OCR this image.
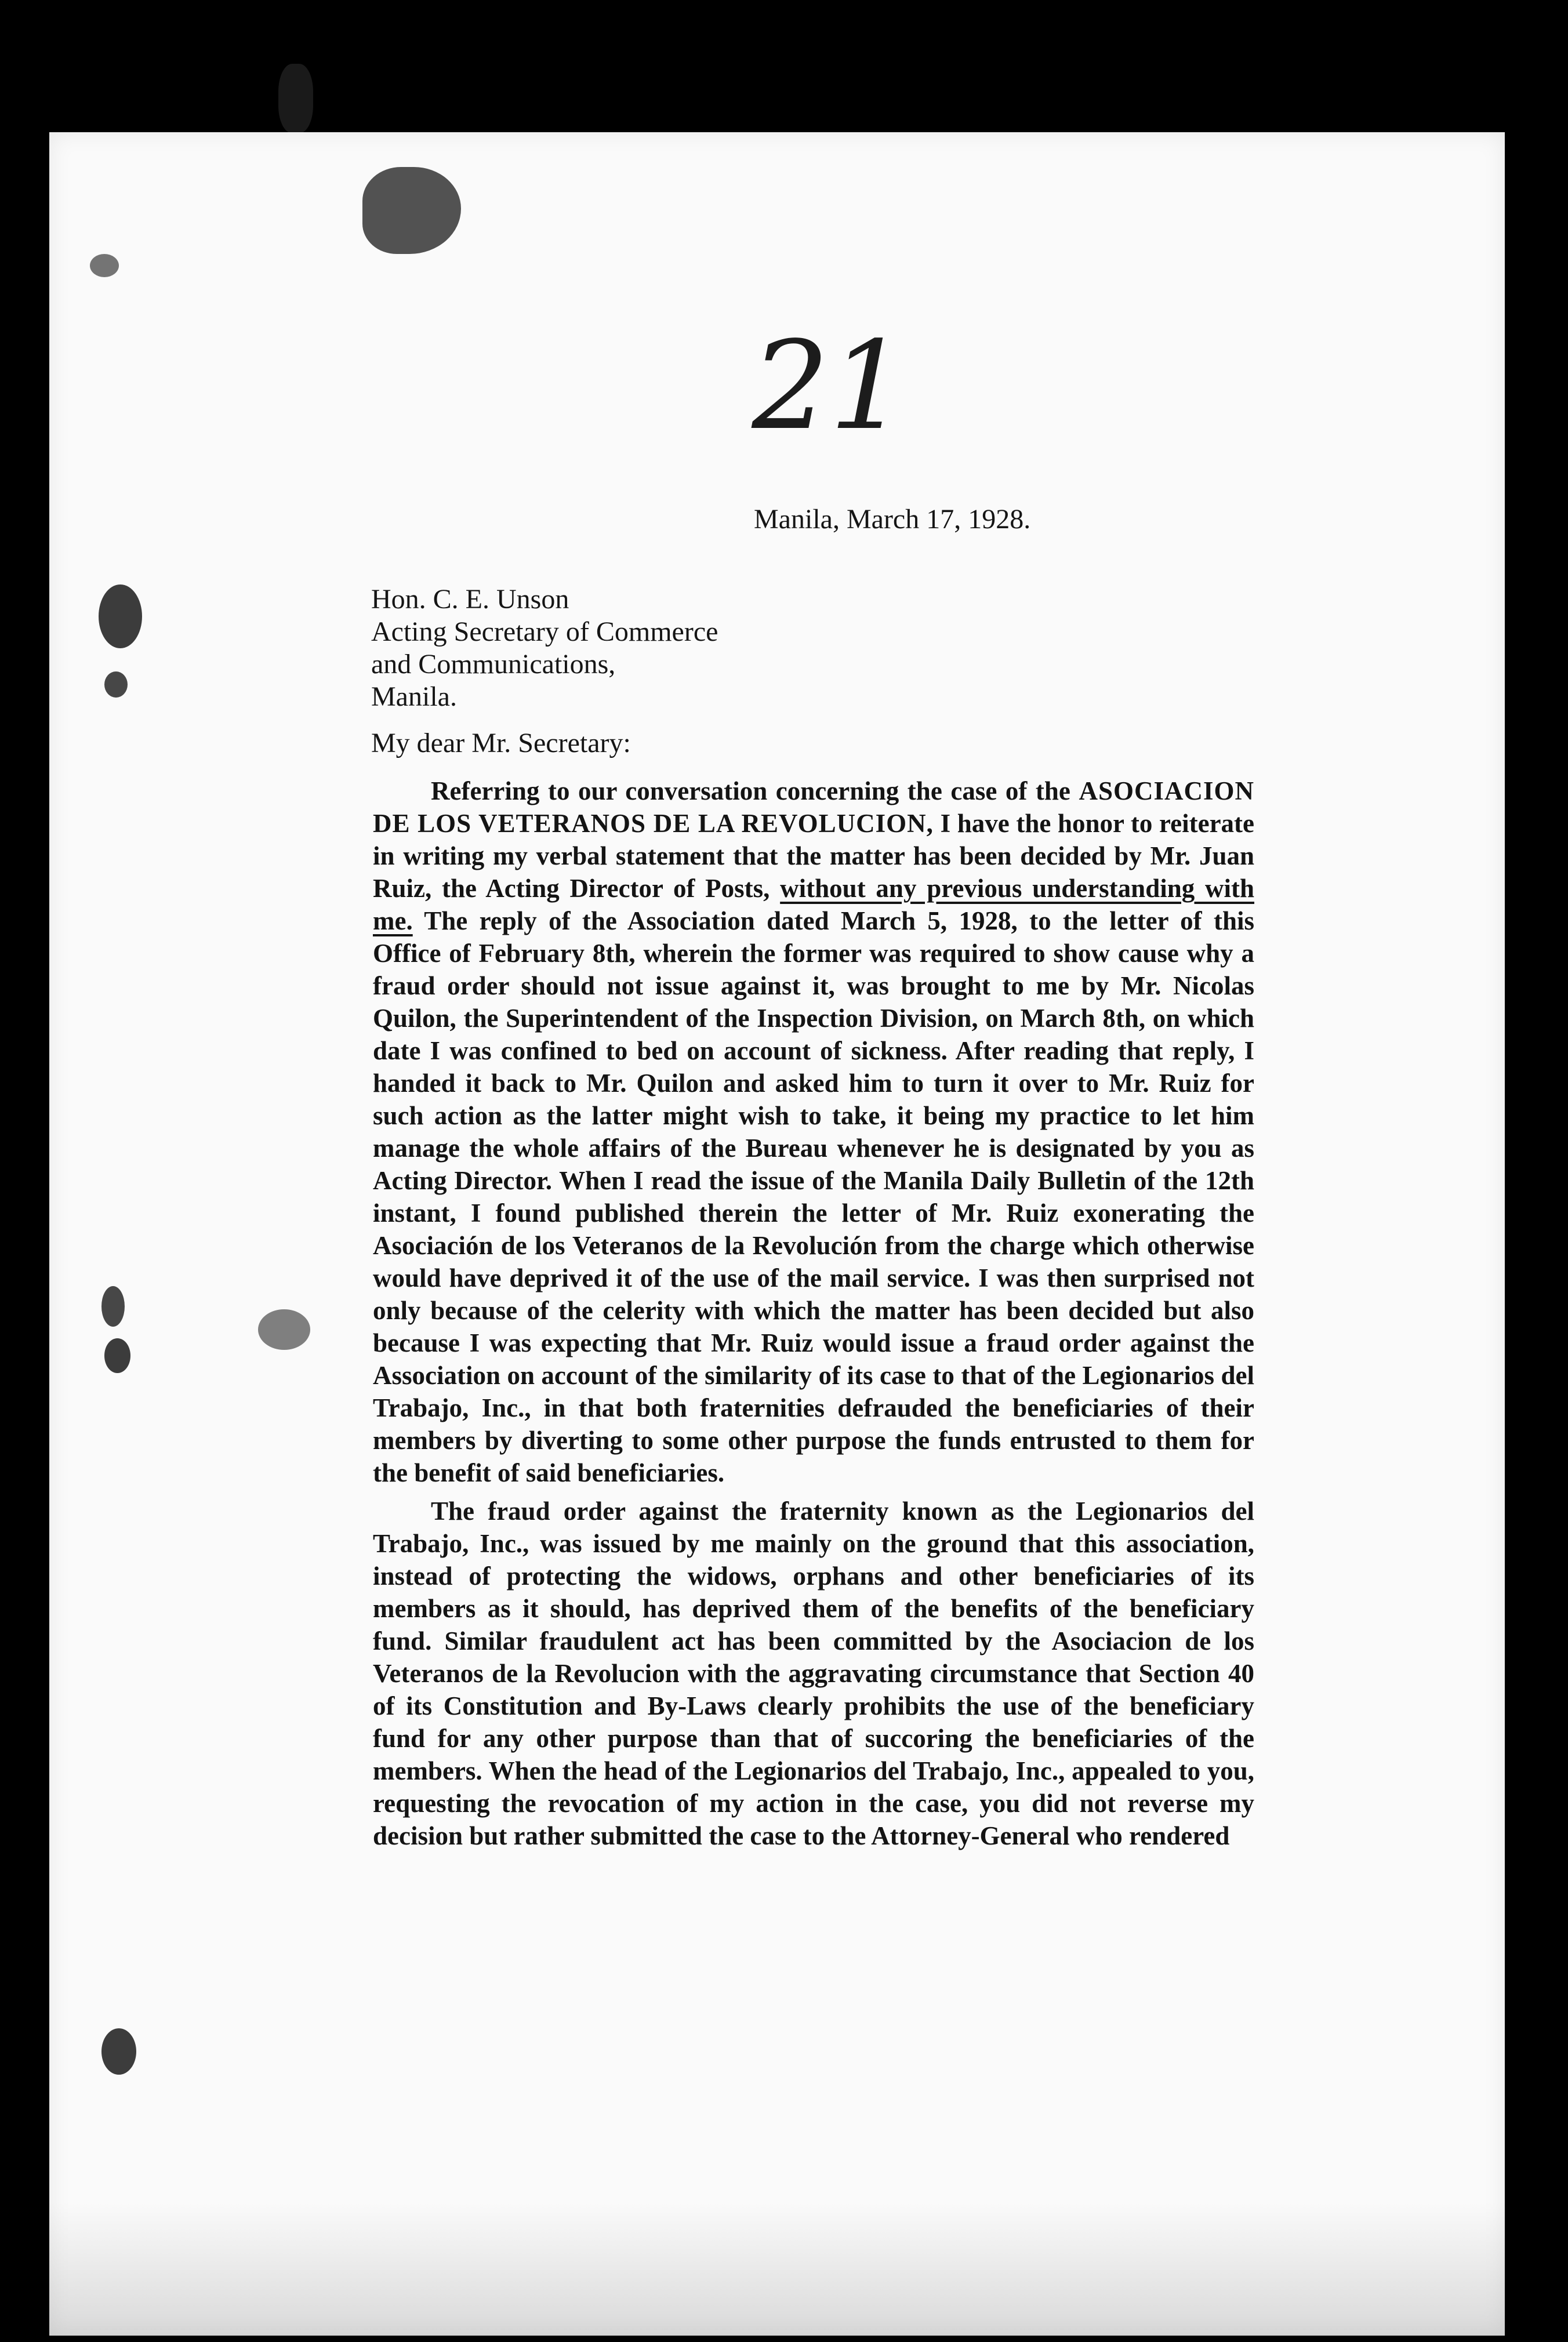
21

Manila, March 17, 1928.

Hon. C. E. Unson
Acting Secretary of Commerce
and Communications,
Manila.

My dear Mr. Secretary:

Referring to our conversation concerning the case of the ASOCIACION DE LOS VETERANOS DE LA REVOLUCION, I have the honor to reiterate in writing my verbal statement that the matter has been decided by Mr. Juan Ruiz, the Acting Director of Posts, without any previous understanding with me. The reply of the Association dated March 5, 1928, to the letter of this Office of February 8th, wherein the former was required to show cause why a fraud order should not issue against it, was brought to me by Mr. Nicolas Quilon, the Superintendent of the Inspection Division, on March 8th, on which date I was confined to bed on account of sickness. After reading that reply, I handed it back to Mr. Quilon and asked him to turn it over to Mr. Ruiz for such action as the latter might wish to take, it being my practice to let him manage the whole affairs of the Bureau whenever he is designated by you as Acting Director. When I read the issue of the Manila Daily Bulletin of the 12th instant, I found published therein the letter of Mr. Ruiz exonerating the Asociación de los Veteranos de la Revolución from the charge which otherwise would have deprived it of the use of the mail service. I was then surprised not only because of the celerity with which the matter has been decided but also because I was expecting that Mr. Ruiz would issue a fraud order against the Association on account of the similarity of its case to that of the Legionarios del Trabajo, Inc., in that both fraternities defrauded the beneficiaries of their members by diverting to some other purpose the funds entrusted to them for the benefit of said beneficiaries.

The fraud order against the fraternity known as the Legionarios del Trabajo, Inc., was issued by me mainly on the ground that this association, instead of protecting the widows, orphans and other beneficiaries of its members as it should, has deprived them of the benefits of the beneficiary fund. Similar fraudulent act has been committed by the Asociacion de los Veteranos de la Revolucion with the aggravating circumstance that Section 40 of its Constitution and By-Laws clearly prohibits the use of the beneficiary fund for any other purpose than that of succoring the beneficiaries of the members. When the head of the Legionarios del Trabajo, Inc., appealed to you, requesting the revocation of my action in the case, you did not reverse my decision but rather submitted the case to the Attorney-General who rendered
